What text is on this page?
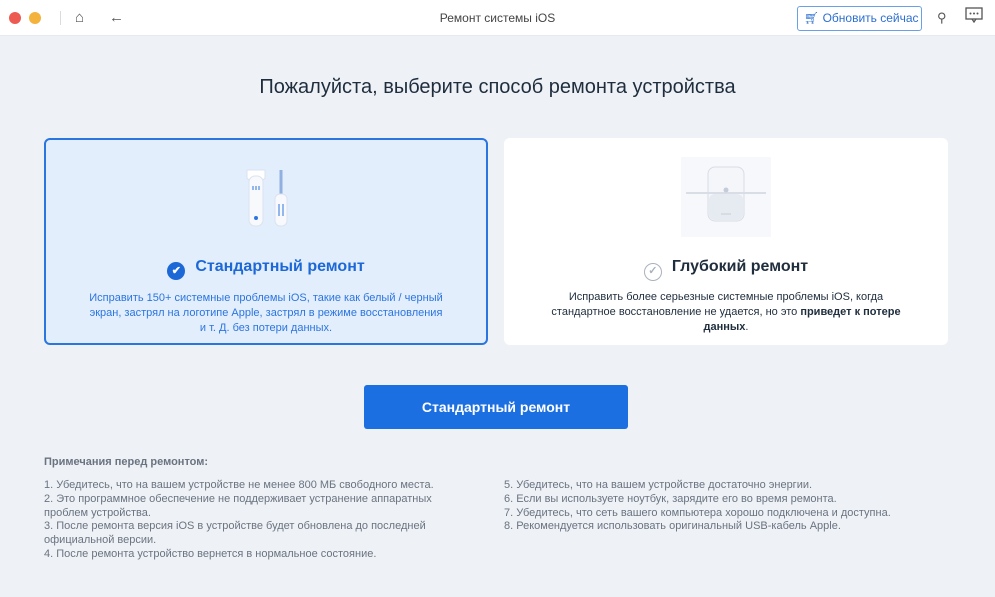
⌂ ←	Ремонт системы iOS	🛒︎ Обновить сейчас ⚲
Пожалуйста, выберите способ ремонта устройства
✔ Стандартный ремонт
Исправить 150+ системные проблемы iOS, такие как белый / черный экран, застрял на логотипе Apple, застрял в режиме восстановления и т. Д. без потери данных.
✓ Глубокий ремонт
Исправить более серьезные системные проблемы iOS, когда стандартное восстановление не удается, но это приведет к потере данных.
Стандартный ремонт
Примечания перед ремонтом:
1. Убедитесь, что на вашем устройстве не менее 800 МБ свободного места.
2. Это программное обеспечение не поддерживает устранение аппаратных
проблем устройства.
3. После ремонта версия iOS в устройстве будет обновлена до последней
официальной версии.
4. После ремонта устройство вернется в нормальное состояние.
5. Убедитесь, что на вашем устройстве достаточно энергии.
6. Если вы используете ноутбук, зарядите его во время ремонта.
7. Убедитесь, что сеть вашего компьютера хорошо подключена и доступна.
8. Рекомендуется использовать оригинальный USB-кабель Apple.
